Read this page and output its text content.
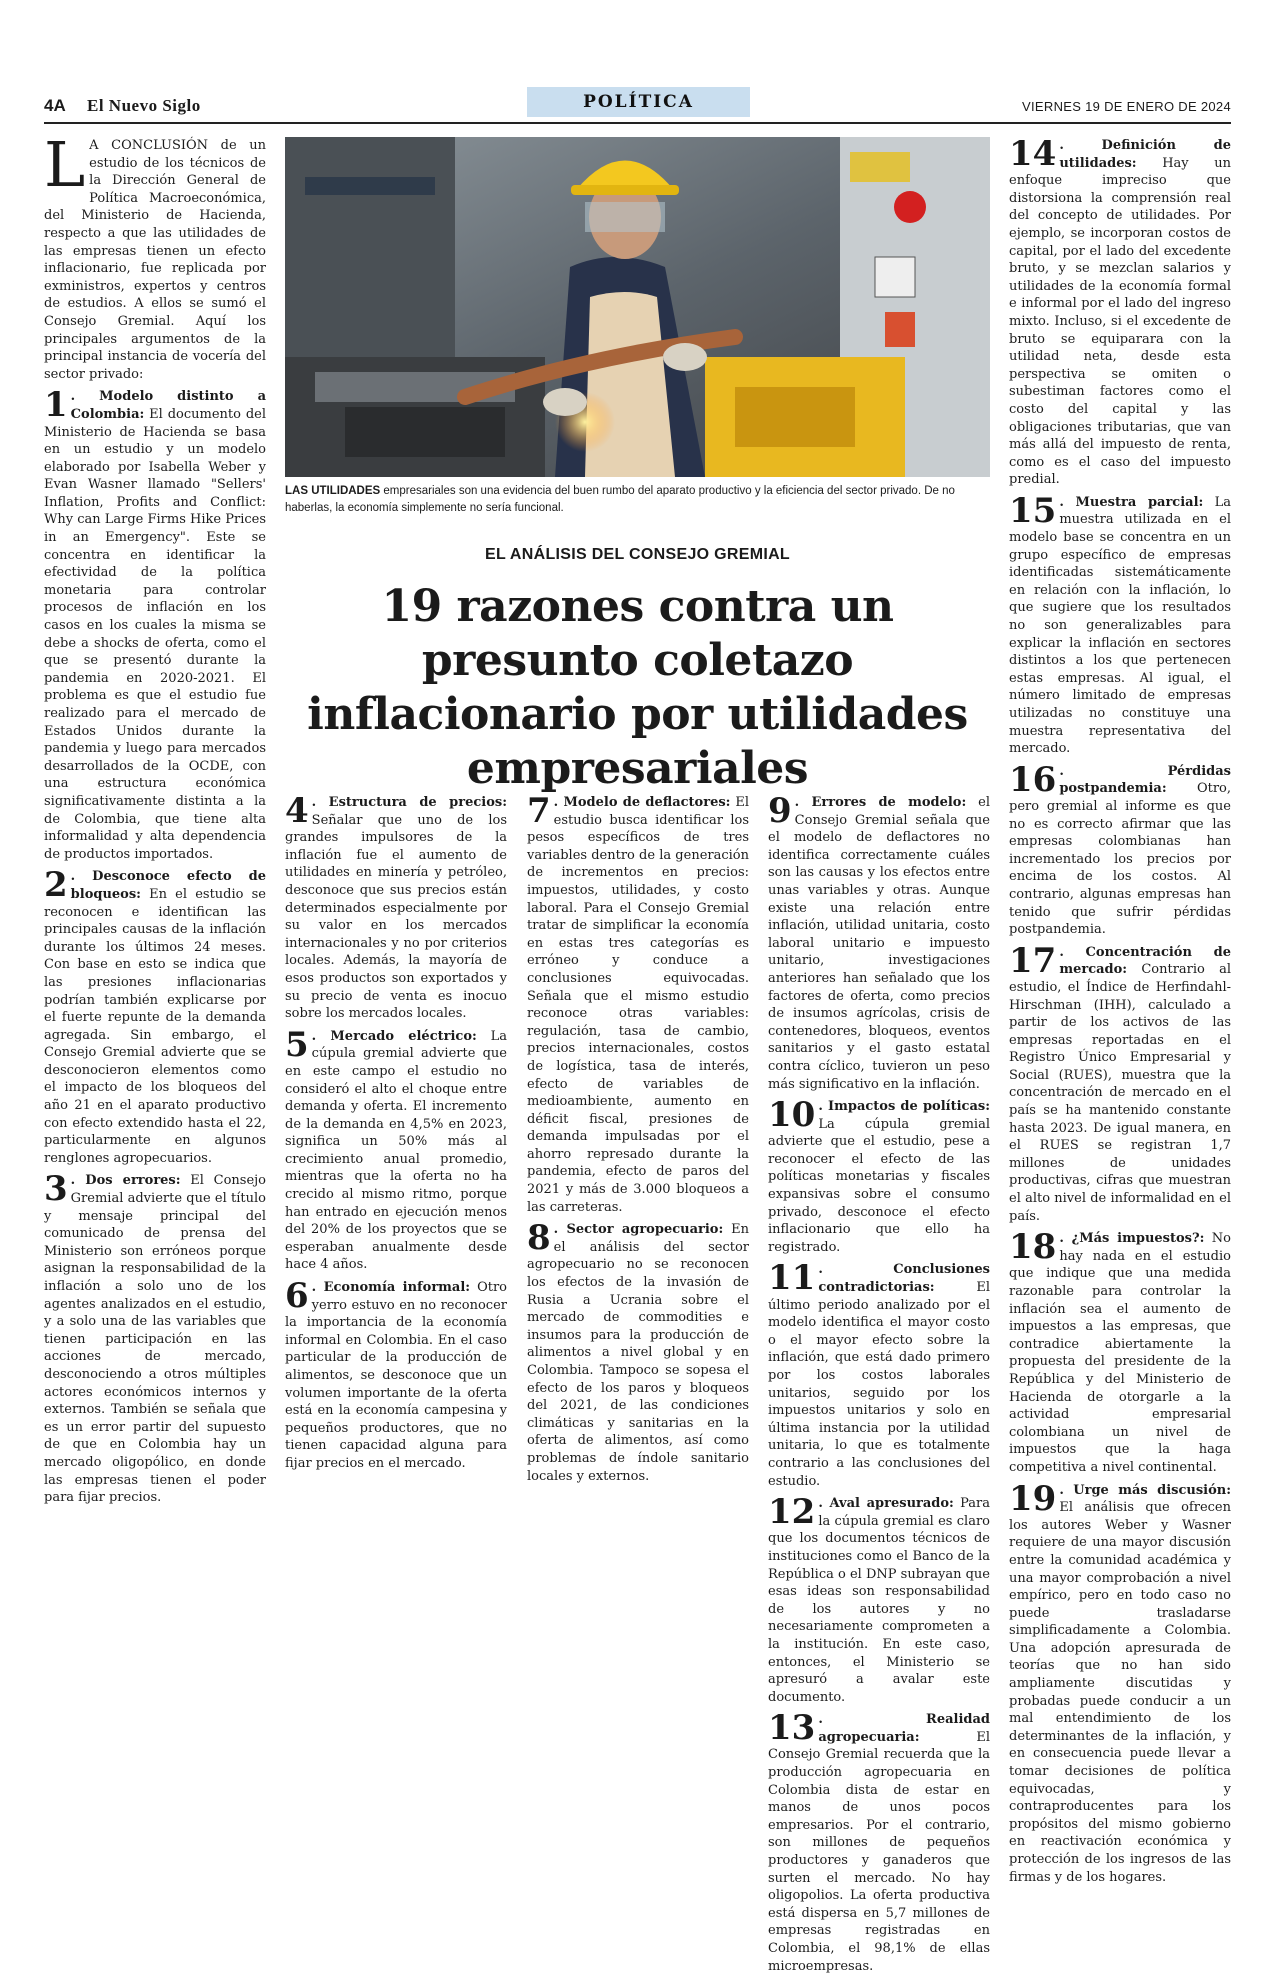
4A El Nuevo Siglo	POLÍTICA	VIERNES 19 DE ENERO DE 2024
LAS UTILIDADES empresariales son una evidencia del buen rumbo del aparato productivo y la eficiencia del sector privado. De no haberlas, la economía simplemente no sería funcional.
EL ANÁLISIS DEL CONSEJO GREMIAL
19 razones contra un presunto coletazo inflacionario por utilidades empresariales

L A CONCLUSIÓN de un estudio de los técnicos de la Dirección General de Política Macroeconómica, del Ministerio de Hacienda, respecto a que las utilidades de las empresas tienen un efecto inflacionario, fue replicada por exministros, expertos y centros de estudios. A ellos se sumó el Consejo Gremial. Aquí los principales argumentos de la principal instancia de vocería del sector privado:

1 . Modelo distinto a Colombia: El documento del Ministerio de Hacienda se basa en un estudio y un modelo elaborado por Isabella Weber y Evan Wasner llamado "Sellers' Inflation, Profits and Conflict: Why can Large Firms Hike Prices in an Emergency". Este se concentra en identificar la efectividad de la política monetaria para controlar procesos de inflación en los casos en los cuales la misma se debe a shocks de oferta, como el que se presentó durante la pandemia en 2020-2021. El problema es que el estudio fue realizado para el mercado de Estados Unidos durante la pandemia y luego para mercados desarrollados de la OCDE, con una estructura económica significativamente distinta a la de Colombia, que tiene alta informalidad y alta dependencia de productos importados.

2 . Desconoce efecto de bloqueos: En el estudio se reconocen e identifican las principales causas de la inflación durante los últimos 24 meses. Con base en esto se indica que las presiones inflacionarias podrían también explicarse por el fuerte repunte de la demanda agregada. Sin embargo, el Consejo Gremial advierte que se desconocieron elementos como el impacto de los bloqueos del año 21 en el aparato productivo con efecto extendido hasta el 22, particularmente en algunos renglones agropecuarios.

3 . Dos errores: El Consejo Gremial advierte que el título y mensaje principal del comunicado de prensa del Ministerio son erróneos porque asignan la responsabilidad de la inflación a solo uno de los agentes analizados en el estudio, y a solo una de las variables que tienen participación en las acciones de mercado, desconociendo a otros múltiples actores económicos internos y externos. También se señala que es un error partir del supuesto de que en Colombia hay un mercado oligopólico, en donde las empresas tienen el poder para fijar precios.

4 . Estructura de precios: Señalar que uno de los grandes impulsores de la inflación fue el aumento de utilidades en minería y petróleo, desconoce que sus precios están determinados especialmente por su valor en los mercados internacionales y no por criterios locales. Además, la mayoría de esos productos son exportados y su precio de venta es inocuo sobre los mercados locales.

5 . Mercado eléctrico: La cúpula gremial advierte que en este campo el estudio no consideró el alto el choque entre demanda y oferta. El incremento de la demanda en 4,5% en 2023, significa un 50% más al crecimiento anual promedio, mientras que la oferta no ha crecido al mismo ritmo, porque han entrado en ejecución menos del 20% de los proyectos que se esperaban anualmente desde hace 4 años.

6 . Economía informal: Otro yerro estuvo en no reconocer la importancia de la economía informal en Colombia. En el caso particular de la producción de alimentos, se desconoce que un volumen importante de la oferta está en la economía campesina y pequeños productores, que no tienen capacidad alguna para fijar precios en el mercado.

7 . Modelo de deflactores: El estudio busca identificar los pesos específicos de tres variables dentro de la generación de incrementos en precios: impuestos, utilidades, y costo laboral. Para el Consejo Gremial tratar de simplificar la economía en estas tres categorías es erróneo y conduce a conclusiones equivocadas. Señala que el mismo estudio reconoce otras variables: regulación, tasa de cambio, precios internacionales, costos de logística, tasa de interés, efecto de variables de medioambiente, aumento en déficit fiscal, presiones de demanda impulsadas por el ahorro represado durante la pandemia, efecto de paros del 2021 y más de 3.000 bloqueos a las carreteras.

8 . Sector agropecuario: En el análisis del sector agropecuario no se reconocen los efectos de la invasión de Rusia a Ucrania sobre el mercado de commodities e insumos para la producción de alimentos a nivel global y en Colombia. Tampoco se sopesa el efecto de los paros y bloqueos del 2021, de las condiciones climáticas y sanitarias en la oferta de alimentos, así como problemas de índole sanitario locales y externos.

9 . Errores de modelo: el Consejo Gremial señala que el modelo de deflactores no identifica correctamente cuáles son las causas y los efectos entre unas variables y otras. Aunque existe una relación entre inflación, utilidad unitaria, costo laboral unitario e impuesto unitario, investigaciones anteriores han señalado que los factores de oferta, como precios de insumos agrícolas, crisis de contenedores, bloqueos, eventos sanitarios y el gasto estatal contra cíclico, tuvieron un peso más significativo en la inflación.

10 . Impactos de políticas: La cúpula gremial advierte que el estudio, pese a reconocer el efecto de las políticas monetarias y fiscales expansivas sobre el consumo privado, desconoce el efecto inflacionario que ello ha registrado.

11 . Conclusiones contradictorias: El último periodo analizado por el modelo identifica el mayor costo o el mayor efecto sobre la inflación, que está dado primero por los costos laborales unitarios, seguido por los impuestos unitarios y solo en última instancia por la utilidad unitaria, lo que es totalmente contrario a las conclusiones del estudio.

12 . Aval apresurado: Para la cúpula gremial es claro que los documentos técnicos de instituciones como el Banco de la República o el DNP subrayan que esas ideas son responsabilidad de los autores y no necesariamente comprometen a la institución. En este caso, entonces, el Ministerio se apresuró a avalar este documento.

13 . Realidad agropecuaria: El Consejo Gremial recuerda que la producción agropecuaria en Colombia dista de estar en manos de unos pocos empresarios. Por el contrario, son millones de pequeños productores y ganaderos que surten el mercado. No hay oligopolios. La oferta productiva está dispersa en 5,7 millones de empresas registradas en Colombia, el 98,1% de ellas microempresas.

14 . Definición de utilidades: Hay un enfoque impreciso que distorsiona la comprensión real del concepto de utilidades. Por ejemplo, se incorporan costos de capital, por el lado del excedente bruto, y se mezclan salarios y utilidades de la economía formal e informal por el lado del ingreso mixto. Incluso, si el excedente de bruto se equiparara con la utilidad neta, desde esta perspectiva se omiten o subestiman factores como el costo del capital y las obligaciones tributarias, que van más allá del impuesto de renta, como es el caso del impuesto predial.

15 . Muestra parcial: La muestra utilizada en el modelo base se concentra en un grupo específico de empresas identificadas sistemáticamente en relación con la inflación, lo que sugiere que los resultados no son generalizables para explicar la inflación en sectores distintos a los que pertenecen estas empresas. Al igual, el número limitado de empresas utilizadas no constituye una muestra representativa del mercado.

16 . Pérdidas postpandemia: Otro, pero gremial al informe es que no es correcto afirmar que las empresas colombianas han incrementado los precios por encima de los costos. Al contrario, algunas empresas han tenido que sufrir pérdidas postpandemia.

17 . Concentración de mercado: Contrario al estudio, el Índice de Herfindahl-Hirschman (IHH), calculado a partir de los activos de las empresas reportadas en el Registro Único Empresarial y Social (RUES), muestra que la concentración de mercado en el país se ha mantenido constante hasta 2023. De igual manera, en el RUES se registran 1,7 millones de unidades productivas, cifras que muestran el alto nivel de informalidad en el país.

18 . ¿Más impuestos?: No hay nada en el estudio que indique que una medida razonable para controlar la inflación sea el aumento de impuestos a las empresas, que contradice abiertamente la propuesta del presidente de la República y del Ministerio de Hacienda de otorgarle a la actividad empresarial colombiana un nivel de impuestos que la haga competitiva a nivel continental.

19 . Urge más discusión: El análisis que ofrecen los autores Weber y Wasner requiere de una mayor discusión entre la comunidad académica y una mayor comprobación a nivel empírico, pero en todo caso no puede trasladarse simplificadamente a Colombia. Una adopción apresurada de teorías que no han sido ampliamente discutidas y probadas puede conducir a un mal entendimiento de los determinantes de la inflación, y en consecuencia puede llevar a tomar decisiones de política equivocadas, y contraproducentes para los propósitos del mismo gobierno en reactivación económica y protección de los ingresos de las firmas y de los hogares.
